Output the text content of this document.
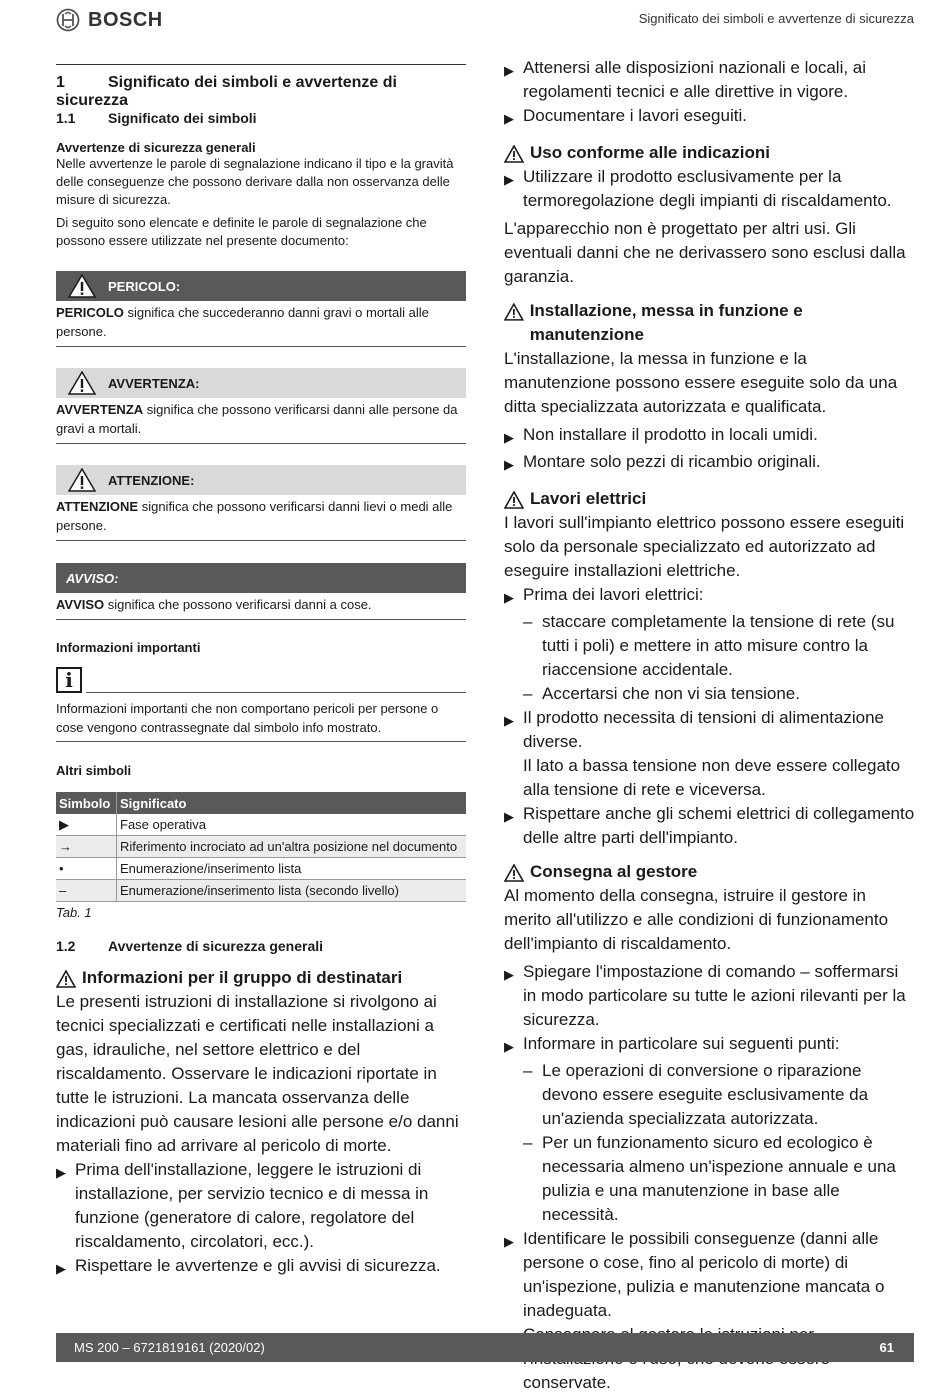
BOSCH	Significato dei simboli e avvertenze di sicurezza
1	Significato dei simboli e avvertenze di sicurezza
1.1 Significato dei simboli
Avvertenze di sicurezza generali

Nelle avvertenze le parole di segnalazione indicano il tipo e la gravità delle conseguenze che possono derivare dalla non osservanza delle misure di sicurezza.

Di seguito sono elencate e definite le parole di segnalazione che possono essere utilizzate nel presente documento:

PERICOLO:
PERICOLO significa che succederanno danni gravi o mortali alle persone.
AVVERTENZA:
AVVERTENZA significa che possono verificarsi danni alle persone da gravi a mortali.
ATTENZIONE:
ATTENZIONE significa che possono verificarsi danni lievi o medi alle persone.
AVVISO:
AVVISO significa che possono verificarsi danni a cose.
Informazioni importanti
i
Informazioni importanti che non comportano pericoli per persone o cose vengono contrassegnate dal simbolo info mostrato.
Altri simboli
Simbolo	Significato
▶	Fase operativa
→	Riferimento incrociato ad un'altra posizione nel documento
•	Enumerazione/inserimento lista
–	Enumerazione/inserimento lista (secondo livello)
Tab. 1
1.2 Avvertenze di sicurezza generali
Informazioni per il gruppo di destinatari

Le presenti istruzioni di installazione si rivolgono ai tecnici specializzati e certificati nelle installazioni a gas, idrauliche, nel settore elettrico e del riscaldamento. Osservare le indicazioni riportate in tutte le istruzioni. La mancata osservanza delle indicazioni può causare lesioni alle persone e/o danni materiali fino ad arrivare al pericolo di morte.

▶ Prima dell'installazione, leggere le istruzioni di installazione, per servizio tecnico e di messa in funzione (generatore di calore, regolatore del riscaldamento, circolatori, ecc.).
▶ Rispettare le avvertenze e gli avvisi di sicurezza.
▶ Attenersi alle disposizioni nazionali e locali, ai regolamenti tecnici e alle direttive in vigore.
▶ Documentare i lavori eseguiti.
Uso conforme alle indicazioni
▶ Utilizzare il prodotto esclusivamente per la termoregolazione degli impianti di riscaldamento.

L'apparecchio non è progettato per altri usi. Gli eventuali danni che ne derivassero sono esclusi dalla garanzia.

Installazione, messa in funzione e manutenzione

L'installazione, la messa in funzione e la manutenzione possono essere eseguite solo da una ditta specializzata autorizzata e qualificata.

▶ Non installare il prodotto in locali umidi.
▶ Montare solo pezzi di ricambio originali.
Lavori elettrici

I lavori sull'impianto elettrico possono essere eseguiti solo da personale specializzato ed autorizzato ad eseguire installazioni elettriche.

▶ Prima dei lavori elettrici:
– staccare completamente la tensione di rete (su tutti i poli) e mettere in atto misure contro la riaccensione accidentale.
– Accertarsi che non vi sia tensione.
▶ Il prodotto necessita di tensioni di alimentazione diverse.
Il lato a bassa tensione non deve essere collegato alla tensione di rete e viceversa.
▶ Rispettare anche gli schemi elettrici di collegamento delle altre parti dell'impianto.
Consegna al gestore

Al momento della consegna, istruire il gestore in merito all'utilizzo e alle condizioni di funzionamento dell'impianto di riscaldamento.

▶ Spiegare l'impostazione di comando – soffermarsi in modo particolare su tutte le azioni rilevanti per la sicurezza.
▶ Informare in particolare sui seguenti punti:
– Le operazioni di conversione o riparazione devono essere eseguite esclusivamente da un'azienda specializzata autorizzata.
– Per un funzionamento sicuro ed ecologico è necessaria almeno un'ispezione annuale e una pulizia e una manutenzione in base alle necessità.
▶ Identificare le possibili conseguenze (danni alle persone o cose, fino al pericolo di morte) di un'ispezione, pulizia e manutenzione mancata o inadeguata.
conservate.
MS 200 – 6721819161 (2020/02)	61
